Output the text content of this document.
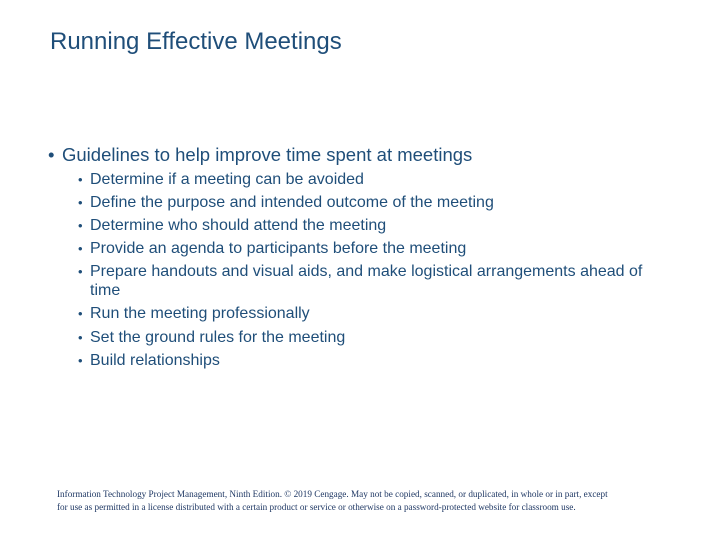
Running Effective Meetings
• Guidelines to help improve time spent at meetings
• Determine if a meeting can be avoided
• Define the purpose and intended outcome of the meeting
• Determine who should attend the meeting
• Provide an agenda to participants before the meeting
• Prepare handouts and visual aids, and make logistical arrangements ahead of time
• Run the meeting professionally
• Set the ground rules for the meeting
• Build relationships
Information Technology Project Management, Ninth Edition. © 2019 Cengage. May not be copied, scanned, or duplicated, in whole or in part, except
for use as permitted in a license distributed with a certain product or service or otherwise on a password-protected website for classroom use.
